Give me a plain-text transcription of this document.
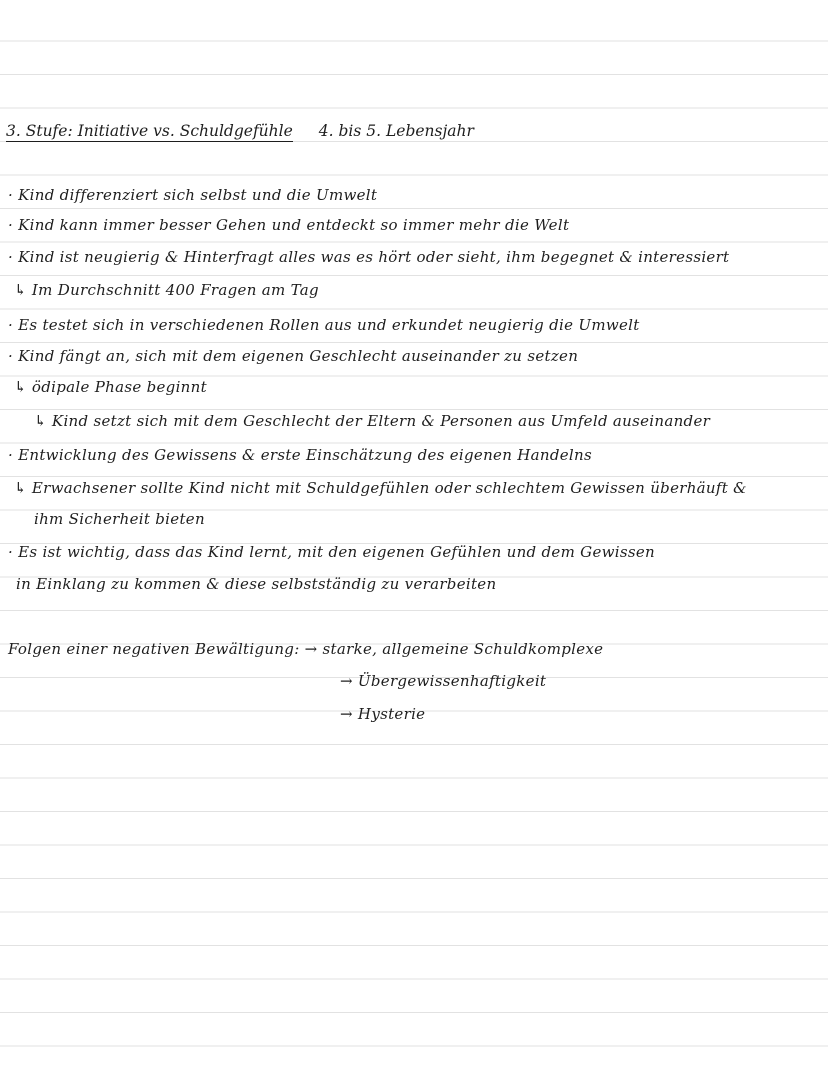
3. Stufe: Initiative vs. Schuldgefühle 4. bis 5. Lebensjahr
· Kind differenziert sich selbst und die Umwelt
· Kind kann immer besser Gehen und entdeckt so immer mehr die Welt
· Kind ist neugierig & Hinterfragt alles was es hört oder sieht, ihm begegnet & interessiert
↳ Im Durchschnitt 400 Fragen am Tag
· Es testet sich in verschiedenen Rollen aus und erkundet neugierig die Umwelt
· Kind fängt an, sich mit dem eigenen Geschlecht auseinander zu setzen
↳ ödipale Phase beginnt
↳ Kind setzt sich mit dem Geschlecht der Eltern & Personen aus Umfeld auseinander
· Entwicklung des Gewissens & erste Einschätzung des eigenen Handelns
↳ Erwachsener sollte Kind nicht mit Schuldgefühlen oder schlechtem Gewissen überhäuft &
ihm Sicherheit bieten
· Es ist wichtig, dass das Kind lernt, mit den eigenen Gefühlen und dem Gewissen
in Einklang zu kommen & diese selbstständig zu verarbeiten
Folgen einer negativen Bewältigung: → starke, allgemeine Schuldkomplexe
→ Übergewissenhaftigkeit
→ Hysterie
